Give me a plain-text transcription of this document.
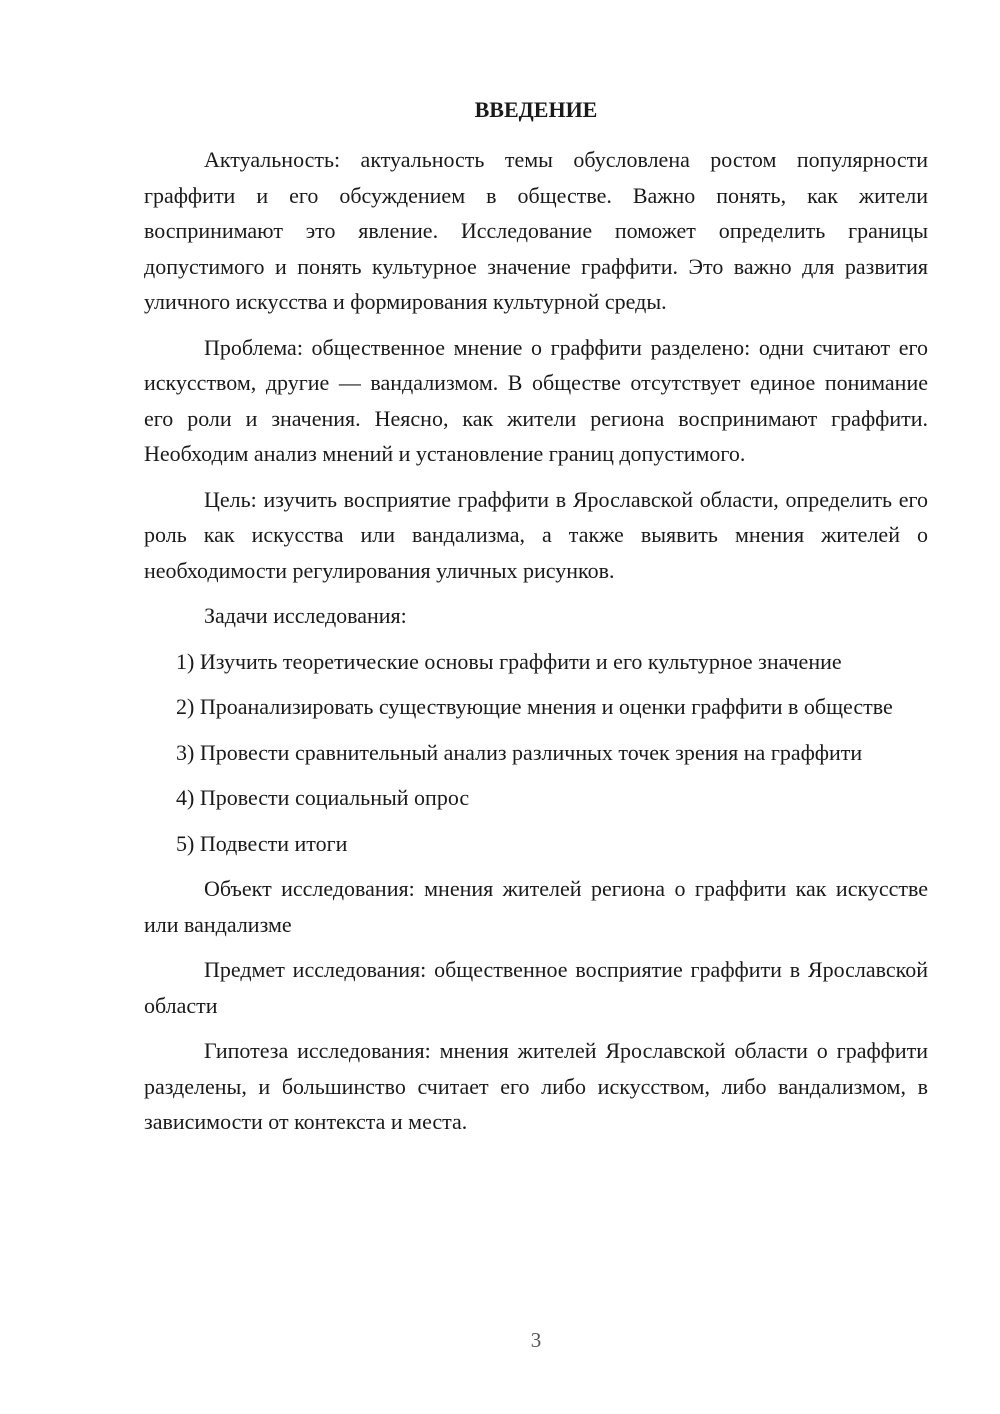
ВВЕДЕНИЕ

Актуальность: актуальность темы обусловлена ростом популярности граффити и его обсуждением в обществе. Важно понять, как жители воспринимают это явление. Исследование поможет определить границы допустимого и понять культурное значение граффити. Это важно для развития уличного искусства и формирования культурной среды.

Проблема: общественное мнение о граффити разделено: одни считают его искусством, другие — вандализмом. В обществе отсутствует единое понимание его роли и значения. Неясно, как жители региона воспринимают граффити. Необходим анализ мнений и установление границ допустимого.

Цель: изучить восприятие граффити в Ярославской области, определить его роль как искусства или вандализма, а также выявить мнения жителей о необходимости регулирования уличных рисунков.

Задачи исследования:

1) Изучить теоретические основы граффити и его культурное значение

2) Проанализировать существующие мнения и оценки граффити в обществе

3) Провести сравнительный анализ различных точек зрения на граффити

4) Провести социальный опрос

5) Подвести итоги

Объект исследования: мнения жителей региона о граффити как искусстве или вандализме

Предмет исследования: общественное восприятие граффити в Ярославской области

Гипотеза исследования: мнения жителей Ярославской области о граффити разделены, и большинство считает его либо искусством, либо вандализмом, в зависимости от контекста и места.

3
